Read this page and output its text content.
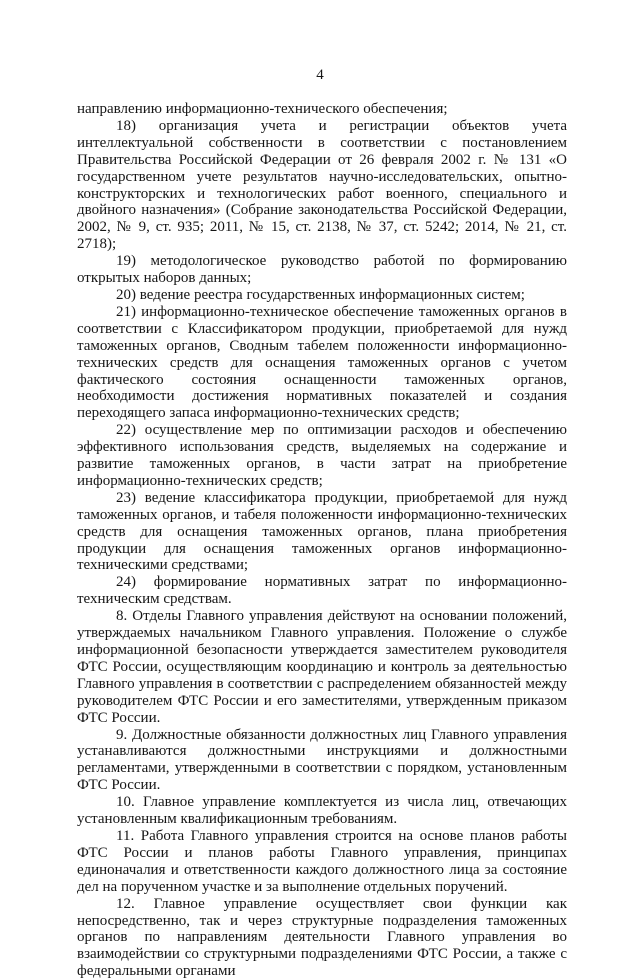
4

направлению информационно-технического обеспечения;

18) организация учета и регистрации объектов учета интеллектуальной собственности в соответствии с постановлением Правительства Российской Федерации от 26 февраля 2002 г. № 131 «О государственном учете результатов научно-исследовательских, опытно-конструкторских и технологических работ военного, специального и двойного назначения» (Собрание законодательства Российской Федерации, 2002, № 9, ст. 935; 2011, № 15, ст. 2138, № 37, ст. 5242; 2014, № 21, ст. 2718);

19) методологическое руководство работой по формированию открытых наборов данных;

20) ведение реестра государственных информационных систем;

21) информационно-техническое обеспечение таможенных органов в соответствии с Классификатором продукции, приобретаемой для нужд таможенных органов, Сводным табелем положенности информационно-технических средств для оснащения таможенных органов с учетом фактического состояния оснащенности таможенных органов, необходимости достижения нормативных показателей и создания переходящего запаса информационно-технических средств;

22) осуществление мер по оптимизации расходов и обеспечению эффективного использования средств, выделяемых на содержание и развитие таможенных органов, в части затрат на приобретение информационно-технических средств;

23) ведение классификатора продукции, приобретаемой для нужд таможенных органов, и табеля положенности информационно-технических средств для оснащения таможенных органов, плана приобретения продукции для оснащения таможенных органов информационно-техническими средствами;

24) формирование нормативных затрат по информационно-техническим средствам.

8. Отделы Главного управления действуют на основании положений, утверждаемых начальником Главного управления. Положение о службе информационной безопасности утверждается заместителем руководителя ФТС России, осуществляющим координацию и контроль за деятельностью Главного управления в соответствии с распределением обязанностей между руководителем ФТС России и его заместителями, утвержденным приказом ФТС России.

9. Должностные обязанности должностных лиц Главного управления устанавливаются должностными инструкциями и должностными регламентами, утвержденными в соответствии с порядком, установленным ФТС России.

10. Главное управление комплектуется из числа лиц, отвечающих установленным квалификационным требованиям.

11. Работа Главного управления строится на основе планов работы ФТС России и планов работы Главного управления, принципах единоначалия и ответственности каждого должностного лица за состояние дел на порученном участке и за выполнение отдельных поручений.

12. Главное управление осуществляет свои функции как непосредственно, так и через структурные подразделения таможенных органов по направлениям деятельности Главного управления во взаимодействии со структурными подразделениями ФТС России, а также с федеральными органами
